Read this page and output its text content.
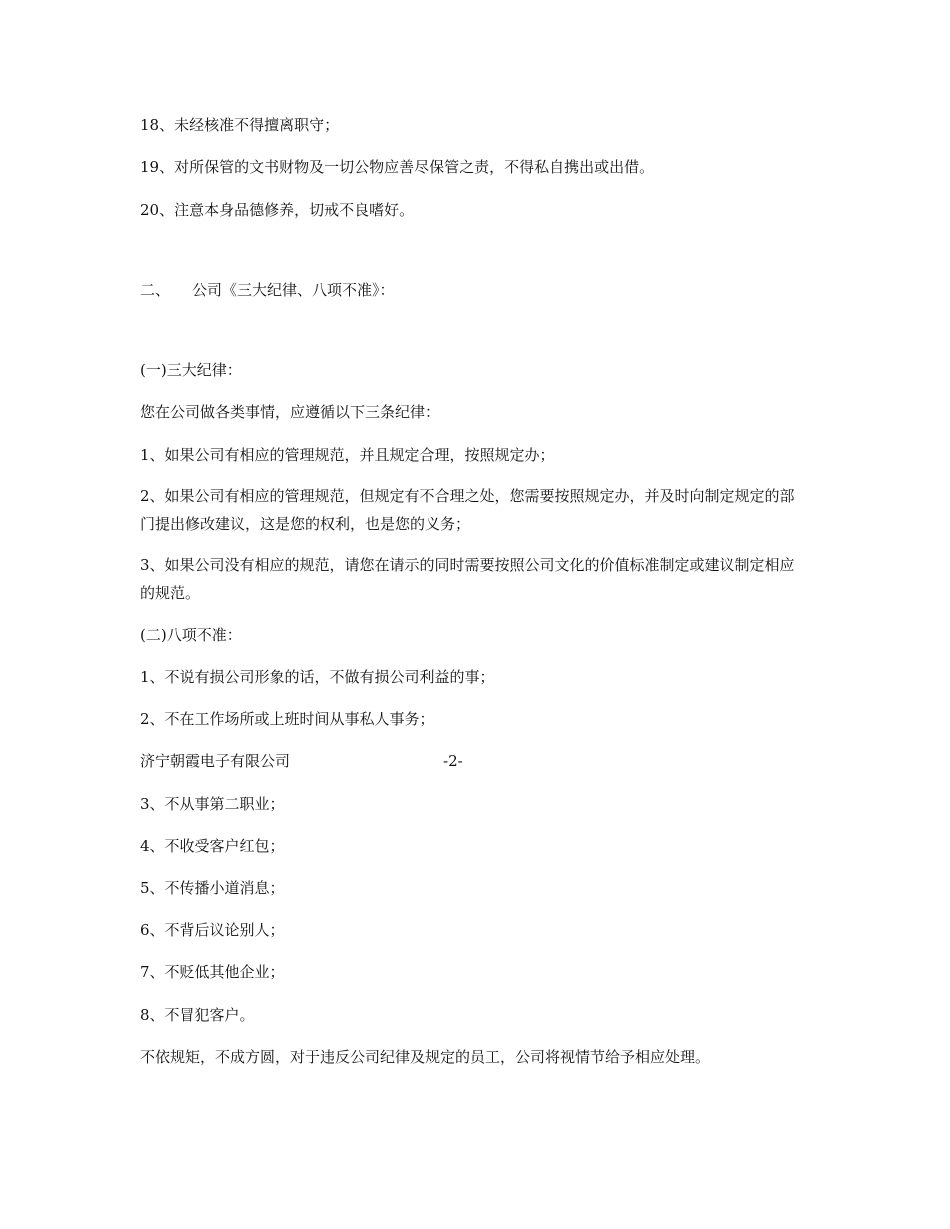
18、未经核准不得擅离职守；
19、对所保管的文书财物及一切公物应善尽保管之责，不得私自携出或出借。
20、注意本身品德修养，切戒不良嗜好。
二、 公司《三大纪律、八项不准》：
(一)三大纪律：
您在公司做各类事情，应遵循以下三条纪律：
1、如果公司有相应的管理规范，并且规定合理，按照规定办；
2、如果公司有相应的管理规范，但规定有不合理之处，您需要按照规定办，并及时向制定规定的部门提出修改建议，这是您的权利，也是您的义务；
3、如果公司没有相应的规范，请您在请示的同时需要按照公司文化的价值标准制定或建议制定相应的规范。
(二)八项不准：
1、不说有损公司形象的话，不做有损公司利益的事；
2、不在工作场所或上班时间从事私人事务；
济宁朝霞电子有限公司	-2-
3、不从事第二职业；
4、不收受客户红包；
5、不传播小道消息；
6、不背后议论别人；
7、不贬低其他企业；
8、不冒犯客户。
不依规矩，不成方圆，对于违反公司纪律及规定的员工，公司将视情节给予相应处理。
